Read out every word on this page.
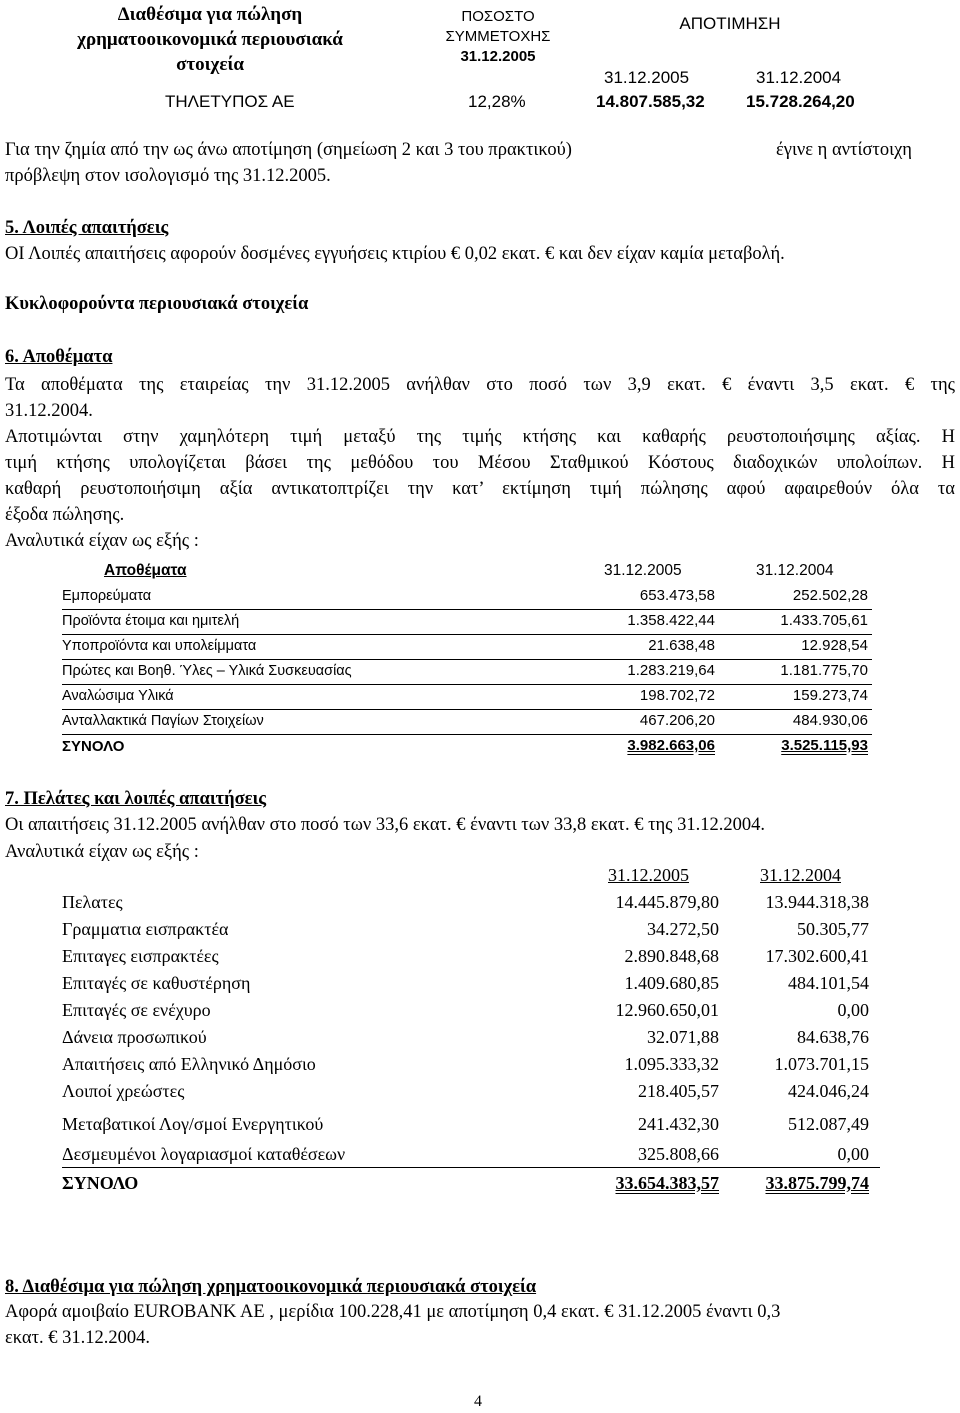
Διαθέσιμα για πώληση
χρηματοοικονομικά περιουσιακά
στοιχεία
ΠΟΣΟΣΤΟ
ΣΥΜΜΕΤΟΧΗΣ
31.12.2005
ΑΠΟΤΙΜΗΣΗ
31.12.2005	31.12.2004
ΤΗΛΕΤΥΠΟΣ ΑΕ	12,28%	14.807.585,32 15.728.264,20
Για την ζημία από την ως άνω αποτίμηση (σημείωση 2 και 3 του πρακτικού)	έγινε η αντίστοιχη
πρόβλεψη στον ισολογισμό της 31.12.2005.
5. Λοιπές απαιτήσεις
ΟΙ Λοιπές απαιτήσεις αφορούν δοσμένες εγγυήσεις κτιρίου € 0,02 εκατ. € και δεν είχαν καμία μεταβολή.
Κυκλοφορούντα περιουσιακά στοιχεία
6. Αποθέματα
Τα αποθέματα της εταιρείας την 31.12.2005 ανήλθαν στο ποσό των 3,9 εκατ. € έναντι 3,5 εκατ. € της
31.12.2004.
Αποτιμώνται στην χαμηλότερη τιμή μεταξύ της τιμής κτήσης και καθαρής ρευστοποιήσιμης αξίας. Η
τιμή κτήσης υπολογίζεται βάσει της μεθόδου του Μέσου Σταθμικού Κόστους διαδοχικών υπολοίπων. Η
καθαρή ρευστοποιήσιμη αξία αντικατοπτρίζει την κατ’ εκτίμηση τιμή πώλησης αφού αφαιρεθούν όλα τα
έξοδα πώλησης.
Αναλυτικά είχαν ως εξής :
Αποθέματα	31.12.2005	31.12.2004
Εμπορεύματα	653.473,58	252.502,28
Προϊόντα έτοιμα και ημιτελή	1.358.422,44	1.433.705,61
Υποπροϊόντα και υπολείμματα	21.638,48	12.928,54
Πρώτες και Βοηθ. Ύλες – Υλικά Συσκευασίας	1.283.219,64	1.181.775,70
Αναλώσιμα Υλικά	198.702,72	159.273,74
Ανταλλακτικά Παγίων Στοιχείων	467.206,20	484.930,06
ΣΥΝΟΛΟ	3.982.663,06	3.525.115,93
7. Πελάτες και λοιπές απαιτήσεις
Οι απαιτήσεις 31.12.2005 ανήλθαν στο ποσό των 33,6 εκατ. € έναντι των 33,8 εκατ. € της 31.12.2004.
Αναλυτικά είχαν ως εξής :
31.12.2005	31.12.2004
Πελατες	14.445.879,80	13.944.318,38
Γραμματια εισπρακτέα	34.272,50	50.305,77
Επιταγες εισπρακτέες	2.890.848,68	17.302.600,41
Επιταγές σε καθυστέρηση	1.409.680,85	484.101,54
Επιταγές σε ενέχυρο	12.960.650,01	0,00
Δάνεια προσωπικού	32.071,88	84.638,76
Απαιτήσεις από Ελληνικό Δημόσιο	1.095.333,32	1.073.701,15
Λοιποί χρεώστες	218.405,57	424.046,24
Μεταβατικοί Λογ/σμοί Ενεργητικού	241.432,30	512.087,49
Δεσμευμένοι λογαριασμοί καταθέσεων	325.808,66	0,00
ΣΥΝΟΛΟ	33.654.383,57	33.875.799,74
8. Διαθέσιμα για πώληση χρηματοοικονομικά περιουσιακά στοιχεία
Αφορά αμοιβαίο EUROBANK AE , μερίδια 100.228,41 με αποτίμηση 0,4 εκατ. € 31.12.2005 έναντι 0,3
εκατ. € 31.12.2004.
4
